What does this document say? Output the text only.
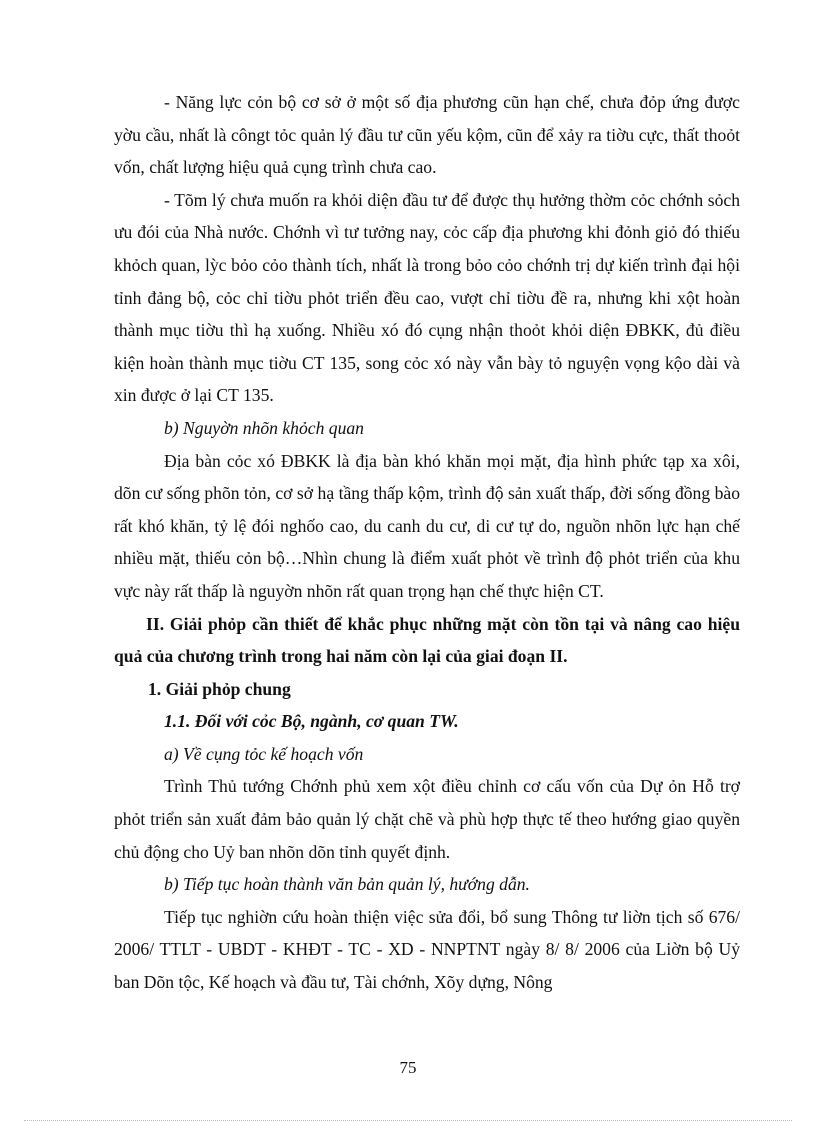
- Năng lực cỏn bộ cơ sở ở một số địa phương cũn hạn chế, chưa đỏp ứng được yờu cầu, nhất là côngt tỏc quản lý đầu tư cũn yếu kộm, cũn để xảy ra tiờu cực, thất thoỏt vốn, chất lượng hiệu quả cụng trình chưa cao.

- Tõm lý chưa muốn ra khỏi diện đầu tư để được thụ hưởng thờm cỏc chớnh sỏch ưu đói của Nhà nước. Chớnh vì tư tưởng nay, cỏc cấp địa phương khi đỏnh giỏ đó thiếu khỏch quan, lỳc bỏo cỏo thành tích, nhất là trong bỏo cỏo chớnh trị dự kiến trình đại hội tỉnh đảng bộ, cỏc chỉ tiờu phỏt triển đều cao, vượt chỉ tiờu đề ra, nhưng khi xột hoàn thành mục tiờu thì hạ xuống. Nhiều xó đó cụng nhận thoỏt khỏi diện ĐBKK, đủ điều kiện hoàn thành mục tiờu CT 135, song cỏc xó này vẫn bày tỏ nguyện vọng kộo dài và xin được ở lại CT 135.

b) Nguyờn nhõn khỏch quan

Địa bàn cỏc xó ĐBKK là địa bàn khó khăn mọi mặt, địa hình phức tạp xa xôi, dõn cư sống phõn tỏn, cơ sở hạ tầng thấp kộm, trình độ sản xuất thấp, đời sống đồng bào rất khó khăn, tỷ lệ đói nghốo cao, du canh du cư, di cư tự do, nguồn nhõn lực hạn chế nhiều mặt, thiếu cỏn bộ…Nhìn chung là điểm xuất phỏt về trình độ phỏt triển của khu vực này rất thấp là nguyờn nhõn rất quan trọng hạn chế thực hiện CT.

II. Giải phỏp cần thiết để khắc phục những mặt còn tồn tại và nâng cao hiệu quả của chương trình trong hai năm còn lại của giai đoạn II.

1. Giải phỏp chung

1.1. Đối với cỏc Bộ, ngành, cơ quan TW.

a) Về cụng tỏc kế hoạch vốn

Trình Thủ tướng Chớnh phủ xem xột điều chỉnh cơ cấu vốn của Dự ỏn Hỗ trợ phỏt triển sản xuất đảm bảo quản lý chặt chẽ và phù hợp thực tế theo hướng giao quyền chủ động cho Uỷ ban nhõn dõn tỉnh quyết định.

b) Tiếp tục hoàn thành văn bản quản lý, hướng dẫn.

Tiếp tục nghiờn cứu hoàn thiện việc sửa đổi, bổ sung Thông tư liờn tịch số 676/ 2006/ TTLT - UBDT - KHĐT - TC - XD - NNPTNT ngày 8/ 8/ 2006 của Liờn bộ Uỷ ban Dõn tộc, Kế hoạch và đầu tư, Tài chớnh, Xõy dựng, Nông

75
